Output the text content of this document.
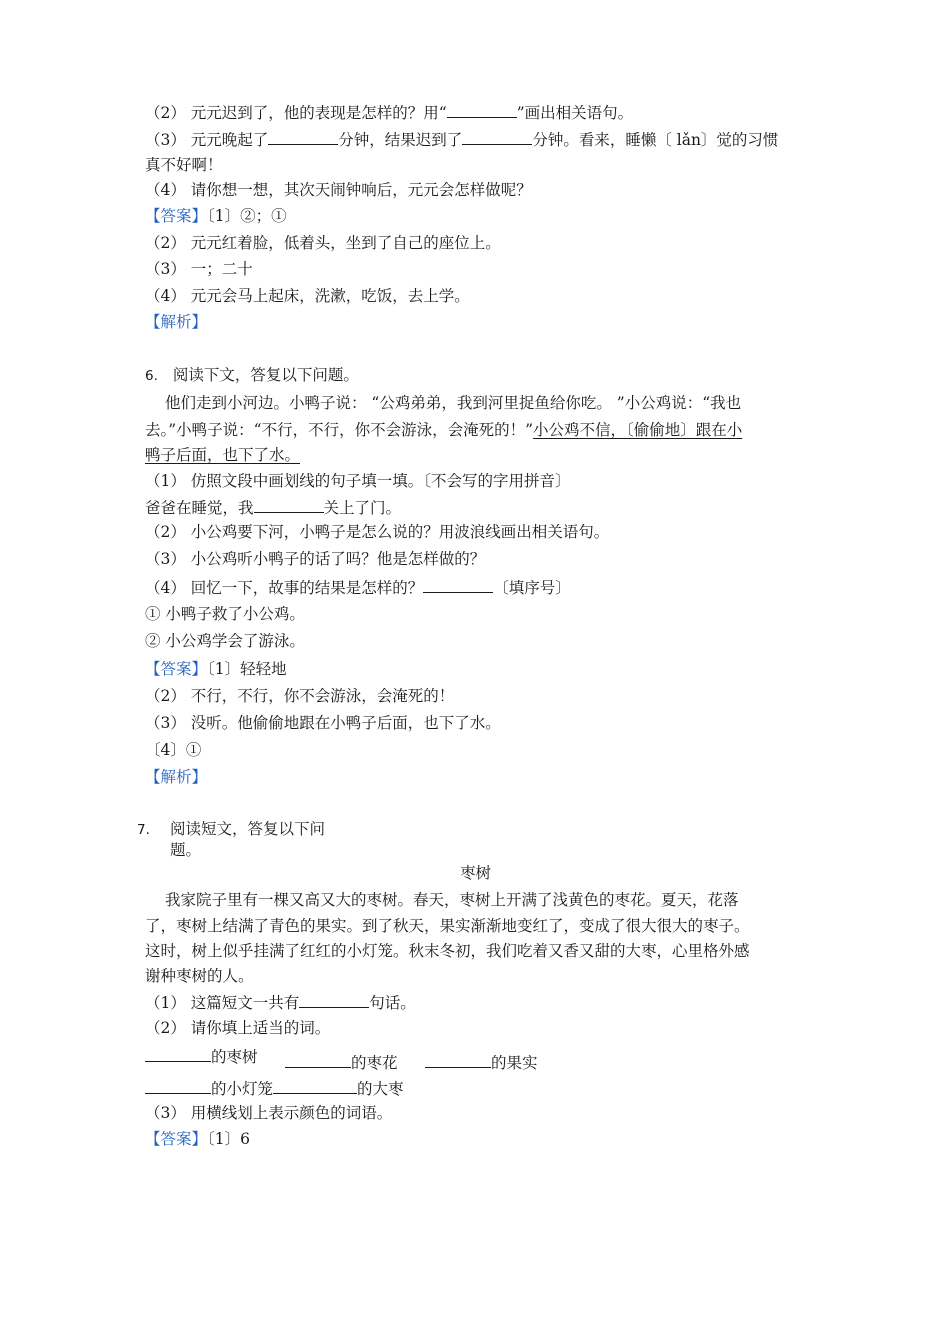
（2） 元元迟到了，他的表现是怎样的？用“	”画出相关语句。
（3） 元元晚起了	分钟，结果迟到了	分钟。看来，睡懒〔 lǎn〕觉的习惯
真不好啊！
（4） 请你想一想，其次天闹钟响后，元元会怎样做呢？
【答案】〔1〕②；①
（2） 元元红着脸，低着头，坐到了自己的座位上。
（3） 一；二十
（4） 元元会马上起床，洗漱，吃饭，去上学。
【解析】
6. 阅读下文，答复以下问题。
他们走到小河边。小鸭子说： “公鸡弟弟，我到河里捉鱼给你吃。 ”小公鸡说：“我也
去。”小鸭子说：“不行，不行，你不会游泳，会淹死的！”小公鸡不信，〔偷偷地〕跟在小
鸭子后面，也下了水。
（1） 仿照文段中画划线的句子填一填。〔不会写的字用拼音〕
爸爸在睡觉，我	关上了门。
（2） 小公鸡要下河，小鸭子是怎么说的？用波浪线画出相关语句。
（3） 小公鸡听小鸭子的话了吗？他是怎样做的？
（4） 回忆一下，故事的结果是怎样的？	〔填序号〕
① 小鸭子救了小公鸡。
② 小公鸡学会了游泳。
【答案】〔1〕轻轻地
（2） 不行，不行，你不会游泳，会淹死的！
（3） 没听。他偷偷地跟在小鸭子后面，也下了水。
〔4〕①
【解析】
7. 阅读短文，答复以下问
题。
枣树
我家院子里有一棵又高又大的枣树。春天，枣树上开满了浅黄色的枣花。夏天，花落
了，枣树上结满了青色的果实。到了秋天，果实渐渐地变红了，变成了很大很大的枣子。
这时，树上似乎挂满了红红的小灯笼。秋末冬初，我们吃着又香又甜的大枣，心里格外感
谢种枣树的人。
（1） 这篇短文一共有	句话。
（2） 请你填上适当的词。
的枣树	的枣花	的果实
的小灯笼	的大枣
（3） 用横线划上表示颜色的词语。
【答案】〔1〕6
